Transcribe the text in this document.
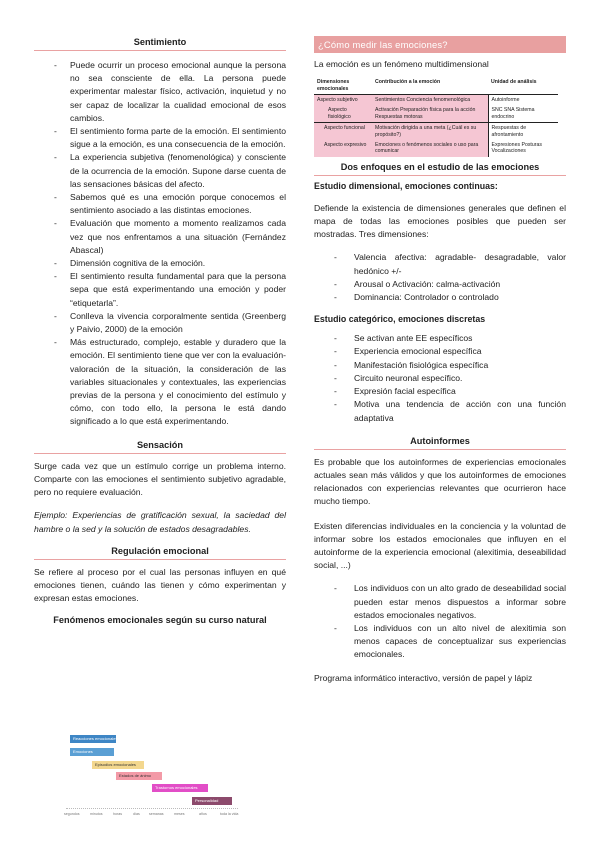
Sentimiento
- Puede ocurrir un proceso emocional aunque la persona no sea consciente de ella. La persona puede experimentar malestar físico, activación, inquietud y no ser capaz de localizar la cualidad emocional de esos cambios.
- El sentimiento forma parte de la emoción. El sentimiento sigue a la emoción, es una consecuencia de la emoción.
- La experiencia subjetiva (fenomenológica) y consciente de la ocurrencia de la emoción. Supone darse cuenta de las sensaciones básicas del afecto.
- Sabemos qué es una emoción porque conocemos el sentimiento asociado a las distintas emociones.
- Evaluación que momento a momento realizamos cada vez que nos enfrentamos a una situación (Fernández Abascal)
- Dimensión cognitiva de la emoción.
- El sentimiento resulta fundamental para que la persona sepa que está experimentando una emoción y poder “etiquetarla”.
- Conlleva la vivencia corporalmente sentida (Greenberg y Paivio, 2000) de la emoción
- Más estructurado, complejo, estable y duradero que la emoción. El sentimiento tiene que ver con la evaluación-valoración de la situación, la consideración de las variables situacionales y contextuales, las experiencias previas de la persona y el conocimiento del estímulo y cómo, con todo ello, la persona le está dando significado a lo que está experimentando.
Sensación

Surge cada vez que un estímulo corrige un problema interno. Comparte con las emociones el sentimiento subjetivo agradable, pero no requiere evaluación.

Ejemplo: Experiencias de gratificación sexual, la saciedad del hambre o la sed y la solución de estados desagradables.

Regulación emocional

Se refiere al proceso por el cual las personas influyen en qué emociones tienen, cuándo las tienen y cómo experimentan y expresan estas emociones.

Fenómenos emocionales según su curso natural
Reacciones emocionales
Emociones
Episodios emocionales
Estados de ánimo
Trastornos emocionales
Personalidad
segundos	minutos	horas	días	semanas	meses	años	toda la vida
¿Cómo medir las emociones?

La emoción es un fenómeno multidimensional

Dimensiones emocionales	Contribución a la emoción	Unidad de análisis
Aspecto subjetivo	Sentimientos Conciencia fenomenológica	Autoinforme
Aspecto fisiológico	Activación Preparación física para la acción Respuestas motoras	SNC SNA Sistema endocrino
Aspecto funcional	Motivación dirigida a una meta (¿Cuál es su propósito?)	Respuestas de afrontamiento
Aspecto expresivo	Emociones o fenómenos sociales o uso para comunicar	Expresiones Posturas Vocalizaciones
Dos enfoques en el estudio de las emociones
Estudio dimensional, emociones continuas:

Defiende la existencia de dimensiones generales que definen el mapa de todas las emociones posibles que pueden ser mostradas. Tres dimensiones:

- Valencia afectiva: agradable- desagradable, valor hedónico +/-
- Arousal o Activación: calma-activación
- Dominancia: Controlador o controlado
Estudio categórico, emociones discretas
- Se activan ante EE específicos
- Experiencia emocional específica
- Manifestación fisiológica específica
- Circuito neuronal específico.
- Expresión facial específica
- Motiva una tendencia de acción con una función adaptativa
Autoinformes

Es probable que los autoinformes de experiencias emocionales actuales sean más válidos y que los autoinformes de emociones relacionados con experiencias relevantes que ocurrieron hace mucho tiempo.

Existen diferencias individuales en la conciencia y la voluntad de informar sobre los estados emocionales que influyen en el autoinforme de la experiencia emocional (alexitimia, deseabilidad social, ...)

- Los individuos con un alto grado de deseabilidad social pueden estar menos dispuestos a informar sobre estados emocionales negativos.
- Los individuos con un alto nivel de alexitimia son menos capaces de conceptualizar sus experiencias emocionales.

Programa informático interactivo, versión de papel y lápiz
